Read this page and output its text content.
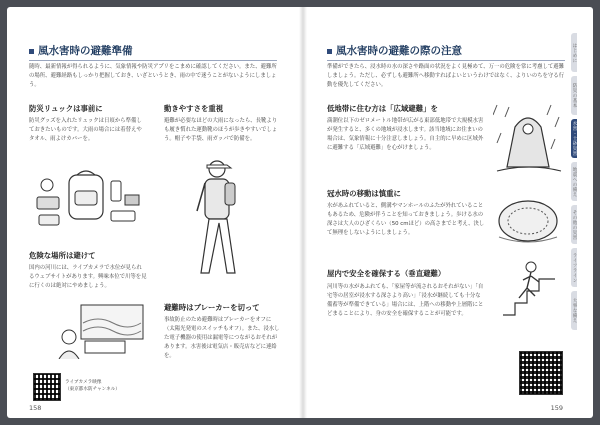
風水害時の避難準備
随時、最新情報が得られるように、気象情報や防災アプリをこまめに確認してください。また、避難所の場所、避難経路もしっかり把握しておき、いざというとき、雨の中で迷うことがないようにしましょう。
防災リュックは事前に
防災グッズを入れたリュックは日頃から準備しておきたいものです。大雨の場合には着替えやタオル、雨よけカバーを。
動きやすさを重視
避難が必要なほどの大雨になったら、長靴よりも履き慣れた運動靴のほうが歩きやすいでしょう。帽子や手袋、雨ガッパで防備を。
危険な場所は避けて
国内の河川には、ライブカメラで水位が見られるウェブサイトがあります。興味本位で川等を見に行くのは絶対にやめましょう。
ライブカメラ映像
（東京都水防チャンネル）
避難時はブレーカーを切って
事故防止のため避難時はブレーカーをオフに（太陽光発電のスイッチもオフ）。また、浸水した電子機器の使用は漏電等につながるおそれがあります。水害後は電気店・販売店などに連絡を。
158
風水害時の避難の際の注意
準備ができたら、浸水時の水の深さや路面の状況をよく見極めて、万一の危険を常に考慮して避難しましょう。ただし、必ずしも避難所へ移動すればよいというわけではなく、よりいのちを守る行動を優先してください。
低地帯に住む方は「広域避難」を
満潮位以下のゼロメートル地帯が広がる東部低地帯で大規模水害が発生すると、多くの地域が浸水します。該当地域にお住まいの場合は、気象情報に十分注意しましょう。自主的に早めに区域外に避難する「広域避難」を心がけましょう。
冠水時の移動は慎重に
水があふれていると、側溝やマンホールのふたが外れていることもあるため、危険が伴うことを知っておきましょう。歩ける水の深さは大人のひざくらい（50 cmほど）の高さまでと考え、決して無理をしないようにしましょう。
屋内で安全を確保する（垂直避難）
河川等の水があふれても、「家屋等が流されるおそれがない」「自宅等の居室が浸水する深さより高い」「浸水が継続しても十分な備蓄等が準備できている」場合には、上階への移動や上層階にとどまることにより、身の安全を確保することが可能です。
159
はじめに
防災の基本
水害・土砂災害
地震への備え
その他の災害
ライフライン
大事な備え
